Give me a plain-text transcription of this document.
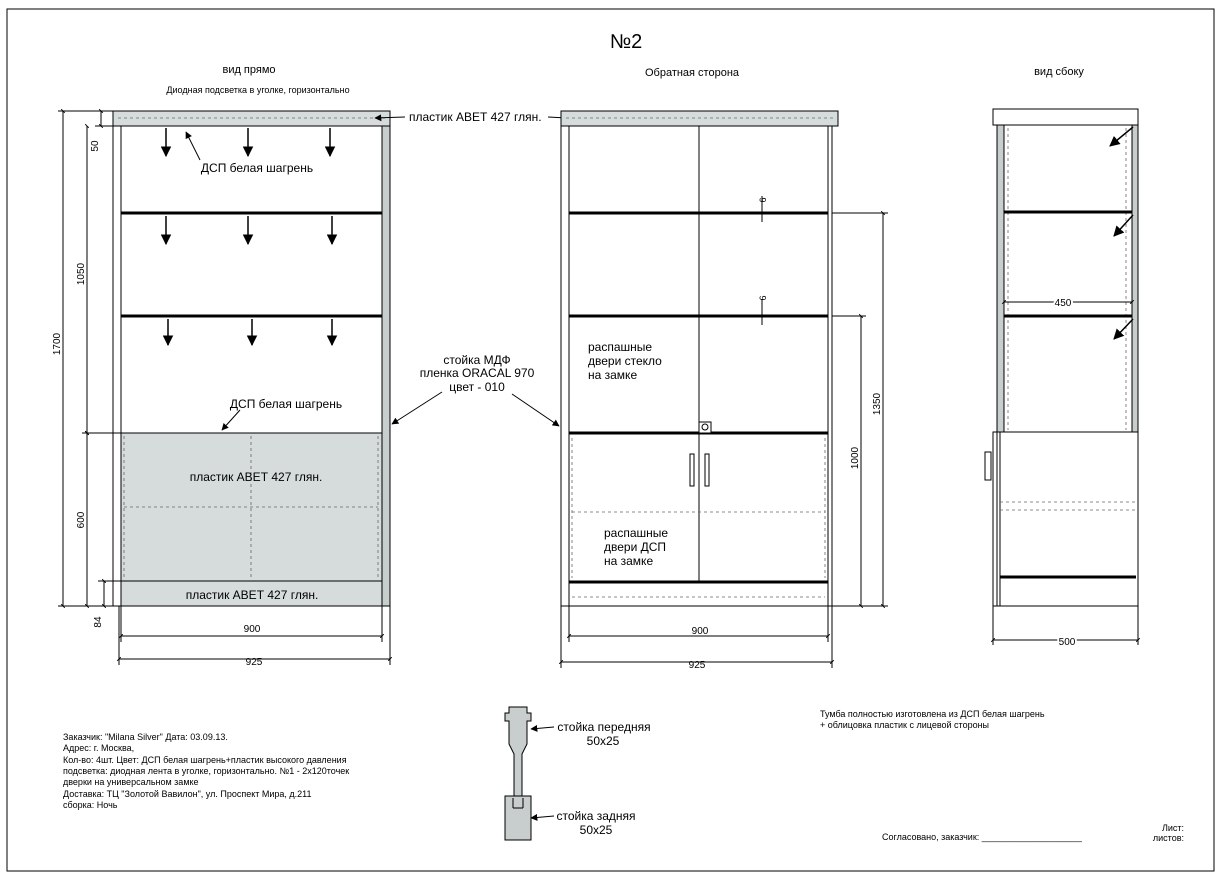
№2
вид прямо	Обратная сторона	вид сбоку
Диодная подсветка в уголке, горизонтально
ДСП белая шагрень
ДСП белая шагрень
пластик АВЕТ 427 глян.
пластик АВЕТ 427 глян.
пластик АВЕТ 427 глян.
стойка МДФ
пленка ORACAL 970
цвет - 010
1700
50
1050
600
84
900
925
распашные
двери стекло
на замке
распашные
двери ДСП
на замке
6
6
1350
1000
900
925
450
500
стойка передняя
50х25
стойка задняя
50х25
Тумба полностью изготовлена из ДСП белая шагрень
+ облицовка пластик с лицевой стороны
Заказчик: "Milana Silver" Дата: 03.09.13.
Адрес: г. Москва,
Кол-во: 4шт. Цвет: ДСП белая шагрень+пластик высокого давления
подсветка: диодная лента в уголке, горизонтально. №1 - 2х120точек
дверки на универсальном замке
Доставка: ТЦ "Золотой Вавилон", ул. Проспект Мира, д.211
сборка: Ночь
Согласовано, заказчик: ____________________
Лист:
листов:
